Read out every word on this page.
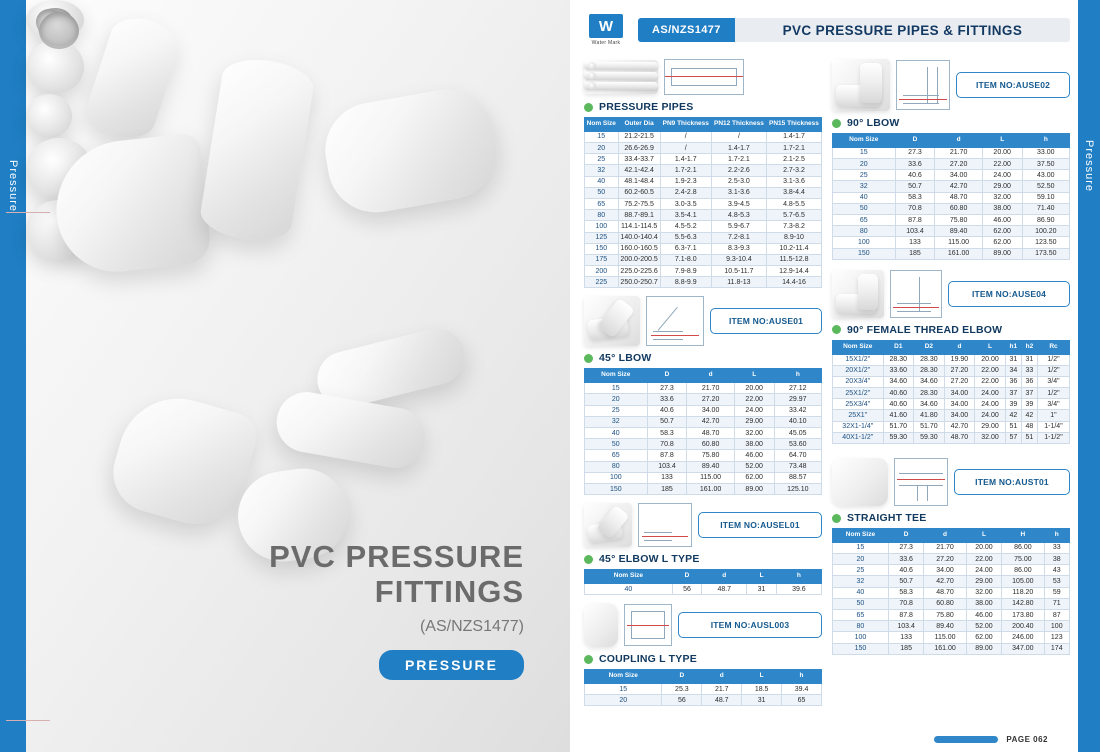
Pressure
PVC PRESSURE
FITTINGS
(AS/NZS1477)
PRESSURE
Pressure
W
Water Mark
AS/NZS1477	PVC PRESSURE PIPES & FITTINGS
PRESSURE PIPES
Nom Size	Outer Dia	PN9 Thickness	PN12 Thickness	PN15 Thickness
15	21.2-21.5	/	/	1.4-1.7
20	26.6-26.9	/	1.4-1.7	1.7-2.1
25	33.4-33.7	1.4-1.7	1.7-2.1	2.1-2.5
32	42.1-42.4	1.7-2.1	2.2-2.6	2.7-3.2
40	48.1-48.4	1.9-2.3	2.5-3.0	3.1-3.6
50	60.2-60.5	2.4-2.8	3.1-3.6	3.8-4.4
65	75.2-75.5	3.0-3.5	3.9-4.5	4.8-5.5
80	88.7-89.1	3.5-4.1	4.8-5.3	5.7-6.5
100	114.1-114.5	4.5-5.2	5.9-6.7	7.3-8.2
125	140.0-140.4	5.5-6.3	7.2-8.1	8.9-10
150	160.0-160.5	6.3-7.1	8.3-9.3	10.2-11.4
175	200.0-200.5	7.1-8.0	9.3-10.4	11.5-12.8
200	225.0-225.6	7.9-8.9	10.5-11.7	12.9-14.4
225	250.0-250.7	8.8-9.9	11.8-13	14.4-16
ITEM NO:AUSE01
45° LBOW
Nom Size	D	d	L	h
15	27.3	21.70	20.00	27.12
20	33.6	27.20	22.00	29.97
25	40.6	34.00	24.00	33.42
32	50.7	42.70	29.00	40.10
40	58.3	48.70	32.00	45.05
50	70.8	60.80	38.00	53.60
65	87.8	75.80	46.00	64.70
80	103.4	89.40	52.00	73.48
100	133	115.00	62.00	88.57
150	185	161.00	89.00	125.10
ITEM NO:AUSEL01
45° ELBOW L TYPE
Nom Size	D	d	L	h
40	56	48.7	31	39.6
ITEM NO:AUSL003
COUPLING L TYPE
Nom Size	D	d	L	h
15	25.3	21.7	18.5	39.4
20	56	48.7	31	65
ITEM NO:AUSE02
90° LBOW
Nom Size	D	d	L	h
15	27.3	21.70	20.00	33.00
20	33.6	27.20	22.00	37.50
25	40.6	34.00	24.00	43.00
32	50.7	42.70	29.00	52.50
40	58.3	48.70	32.00	59.10
50	70.8	60.80	38.00	71.40
65	87.8	75.80	46.00	86.90
80	103.4	89.40	62.00	100.20
100	133	115.00	62.00	123.50
150	185	161.00	89.00	173.50
ITEM NO:AUSE04
90° FEMALE THREAD ELBOW
Nom Size	D1	D2	d	L	h1	h2	Rc
15X1/2"	28.30	28.30	19.90	20.00	31	31	1/2"
20X1/2"	33.60	28.30	27.20	22.00	34	33	1/2"
20X3/4"	34.60	34.60	27.20	22.00	36	36	3/4"
25X1/2"	40.60	28.30	34.00	24.00	37	37	1/2"
25X3/4"	40.60	34.60	34.00	24.00	39	39	3/4"
25X1"	41.60	41.80	34.00	24.00	42	42	1"
32X1-1/4"	51.70	51.70	42.70	29.00	51	48	1-1/4"
40X1-1/2"	59.30	59.30	48.70	32.00	57	51	1-1/2"
ITEM NO:AUST01
STRAIGHT TEE
Nom Size	D	d	L	H	h
15	27.3	21.70	20.00	86.00	33
20	33.6	27.20	22.00	75.00	38
25	40.6	34.00	24.00	86.00	43
32	50.7	42.70	29.00	105.00	53
40	58.3	48.70	32.00	118.20	59
50	70.8	60.80	38.00	142.80	71
65	87.8	75.80	46.00	173.80	87
80	103.4	89.40	52.00	200.40	100
100	133	115.00	62.00	246.00	123
150	185	161.00	89.00	347.00	174
PAGE 062
